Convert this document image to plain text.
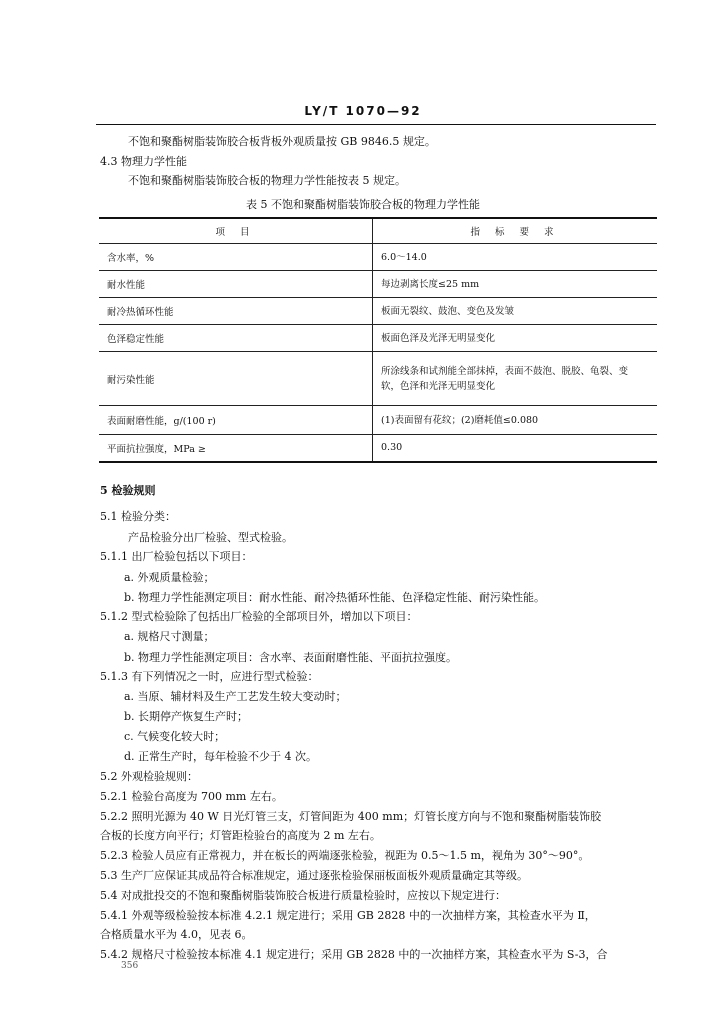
LY/T 1070—92
不饱和聚酯树脂装饰胶合板背板外观质量按 GB 9846.5 规定。
4.3 物理力学性能
不饱和聚酯树脂装饰胶合板的物理力学性能按表 5 规定。
表 5 不饱和聚酯树脂装饰胶合板的物理力学性能
项 目	指 标 要 求
含水率，%	6.0～14.0
耐水性能	每边剥离长度≤25 mm
耐冷热循环性能	板面无裂纹、鼓泡、变色及发皱
色泽稳定性能	板面色泽及光泽无明显变化
耐污染性能	所涂线条和试剂能全部抹掉，表面不鼓泡、脱胶、龟裂、变
软，色泽和光泽无明显变化

表面耐磨性能，g/(100 r)	(1)表面留有花纹；(2)磨耗值≤0.080
平面抗拉强度，MPa ≥	0.30
5 检验规则
5.1 检验分类：
产品检验分出厂检验、型式检验。
5.1.1 出厂检验包括以下项目：
a. 外观质量检验；
b. 物理力学性能测定项目：耐水性能、耐冷热循环性能、色泽稳定性能、耐污染性能。
5.1.2 型式检验除了包括出厂检验的全部项目外，增加以下项目：
a. 规格尺寸测量；
b. 物理力学性能测定项目：含水率、表面耐磨性能、平面抗拉强度。
5.1.3 有下列情况之一时，应进行型式检验：
a. 当原、辅材料及生产工艺发生较大变动时；
b. 长期停产恢复生产时；
c. 气候变化较大时；
d. 正常生产时，每年检验不少于 4 次。
5.2 外观检验规则：
5.2.1 检验台高度为 700 mm 左右。
5.2.2 照明光源为 40 W 日光灯管三支，灯管间距为 400 mm；灯管长度方向与不饱和聚酯树脂装饰胶
合板的长度方向平行；灯管距检验台的高度为 2 m 左右。
5.2.3 检验人员应有正常视力，并在板长的两端逐张检验，视距为 0.5～1.5 m，视角为 30°～90°。
5.3 生产厂应保证其成品符合标准规定，通过逐张检验保丽板面板外观质量确定其等级。
5.4 对成批投交的不饱和聚酯树脂装饰胶合板进行质量检验时，应按以下规定进行：
5.4.1 外观等级检验按本标准 4.2.1 规定进行；采用 GB 2828 中的一次抽样方案，其检查水平为 Ⅱ，
合格质量水平为 4.0，见表 6。
5.4.2 规格尺寸检验按本标准 4.1 规定进行；采用 GB 2828 中的一次抽样方案，其检查水平为 S-3，合
356
